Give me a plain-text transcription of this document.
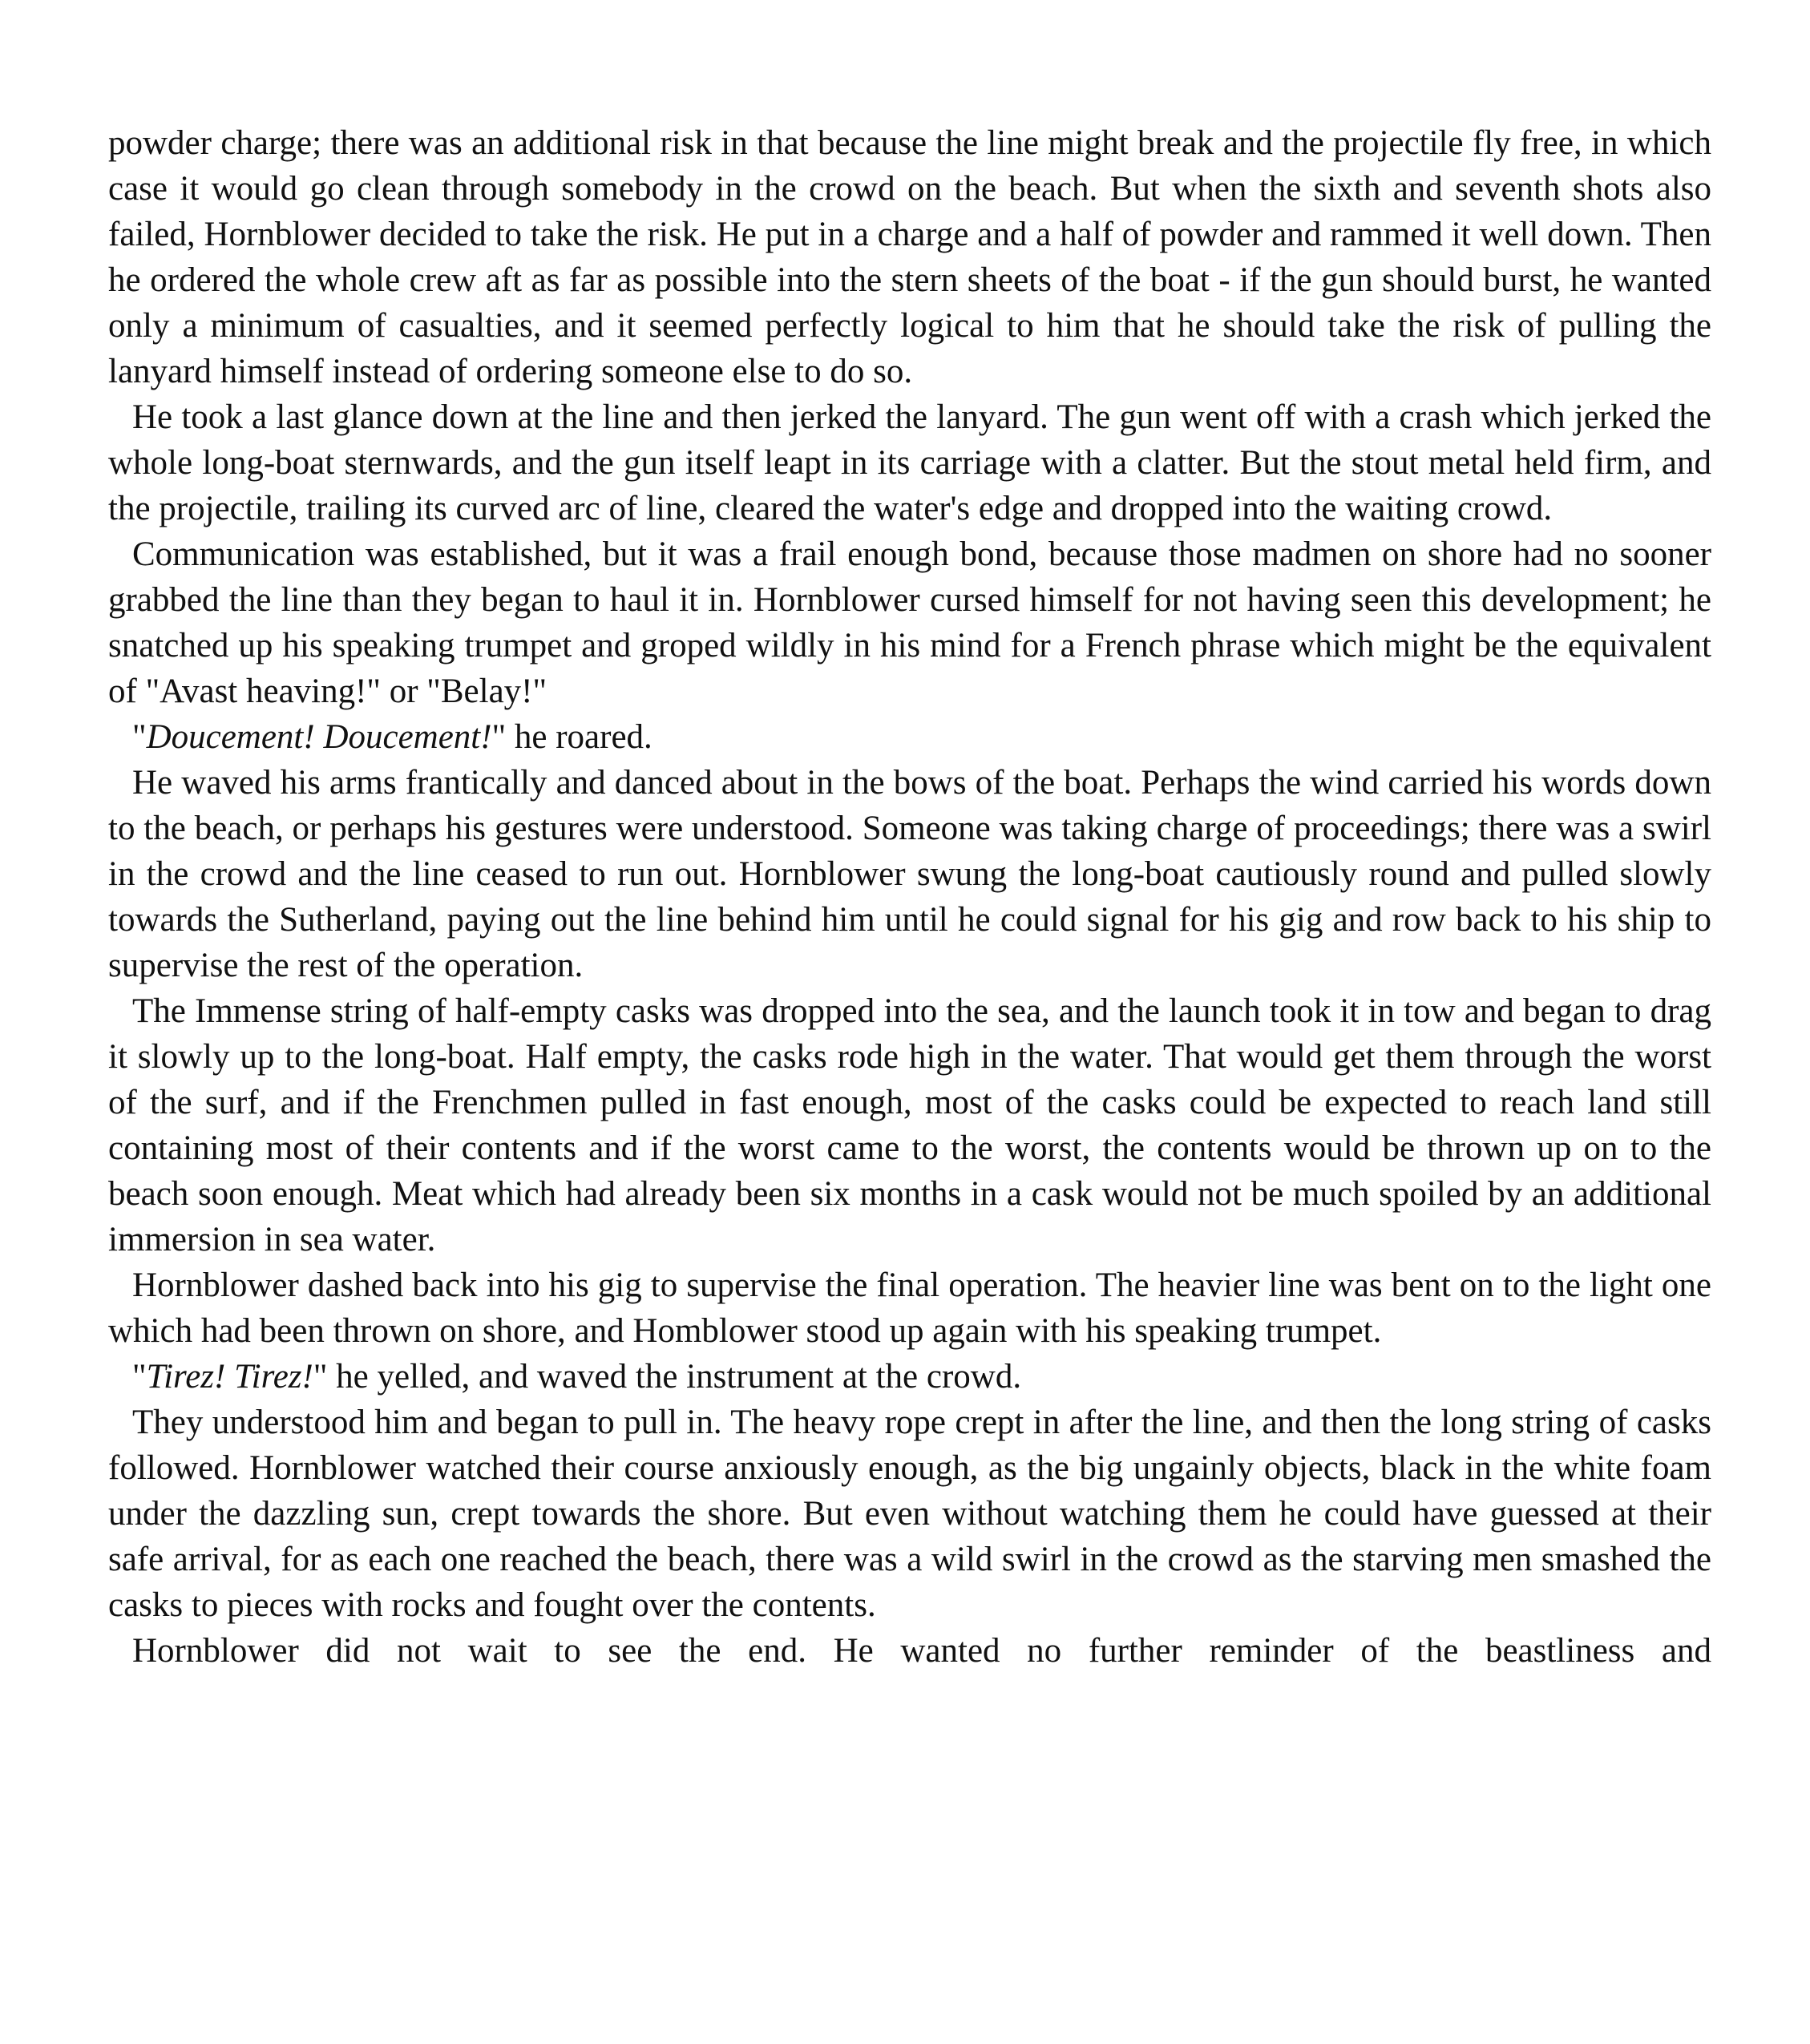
powder charge; there was an additional risk in that because the line might break and the projectile fly free, in which case it would go clean through somebody in the crowd on the beach. But when the sixth and seventh shots also failed, Hornblower decided to take the risk. He put in a charge and a half of powder and rammed it well down. Then he ordered the whole crew aft as far as possible into the stern sheets of the boat - if the gun should burst, he wanted only a minimum of casualties, and it seemed perfectly logical to him that he should take the risk of pulling the lanyard himself instead of ordering someone else to do so.

He took a last glance down at the line and then jerked the lanyard. The gun went off with a crash which jerked the whole long-boat sternwards, and the gun itself leapt in its carriage with a clatter. But the stout metal held firm, and the projectile, trailing its curved arc of line, cleared the water's edge and dropped into the waiting crowd.

Communication was established, but it was a frail enough bond, because those madmen on shore had no sooner grabbed the line than they began to haul it in. Hornblower cursed himself for not having seen this development; he snatched up his speaking trumpet and groped wildly in his mind for a French phrase which might be the equivalent of "Avast heaving!" or "Belay!"

"Doucement! Doucement!" he roared.

He waved his arms frantically and danced about in the bows of the boat. Perhaps the wind carried his words down to the beach, or perhaps his gestures were understood. Someone was taking charge of proceedings; there was a swirl in the crowd and the line ceased to run out. Hornblower swung the long-boat cautiously round and pulled slowly towards the Sutherland, paying out the line behind him until he could signal for his gig and row back to his ship to supervise the rest of the operation.

The Immense string of half-empty casks was dropped into the sea, and the launch took it in tow and began to drag it slowly up to the long-boat. Half empty, the casks rode high in the water. That would get them through the worst of the surf, and if the Frenchmen pulled in fast enough, most of the casks could be expected to reach land still containing most of their contents and if the worst came to the worst, the contents would be thrown up on to the beach soon enough. Meat which had already been six months in a cask would not be much spoiled by an additional immersion in sea water.

Hornblower dashed back into his gig to supervise the final operation. The heavier line was bent on to the light one which had been thrown on shore, and Homblower stood up again with his speaking trumpet.

"Tirez! Tirez!" he yelled, and waved the instrument at the crowd.

They understood him and began to pull in. The heavy rope crept in after the line, and then the long string of casks followed. Hornblower watched their course anxiously enough, as the big ungainly objects, black in the white foam under the dazzling sun, crept towards the shore. But even without watching them he could have guessed at their safe arrival, for as each one reached the beach, there was a wild swirl in the crowd as the starving men smashed the casks to pieces with rocks and fought over the contents.

Hornblower did not wait to see the end. He wanted no further reminder of the beastliness and
